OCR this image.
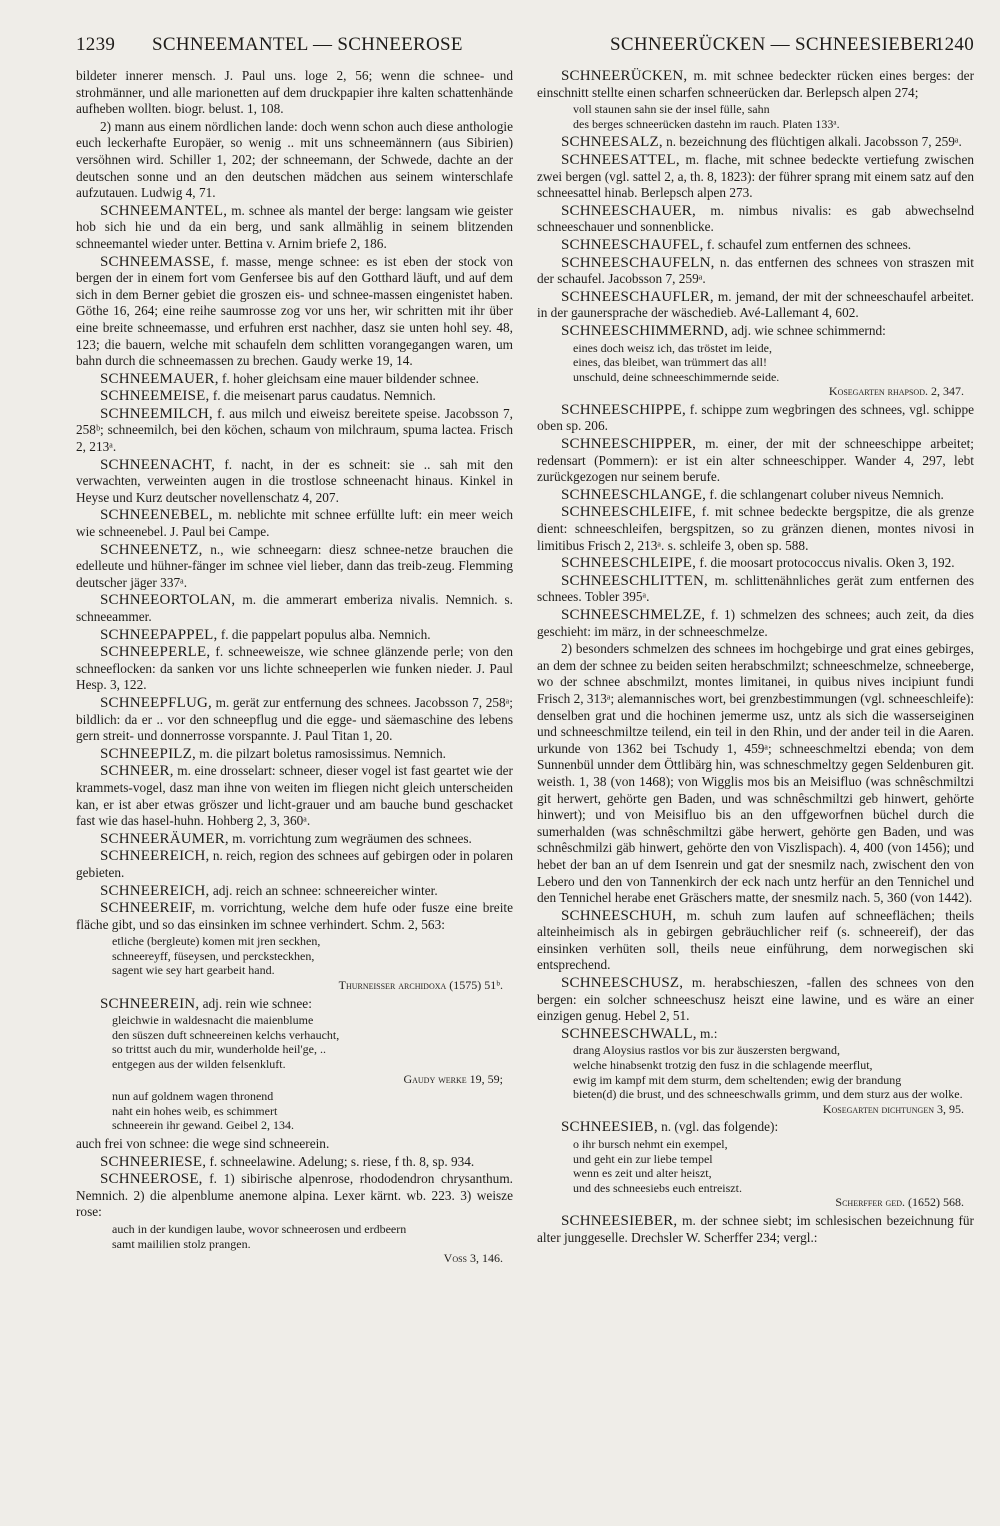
1239 SCHNEEMANTEL — SCHNEEROSE	SCHNEERÜCKEN — SCHNEESIEBER
1240
bildeter innerer mensch. J. Paul uns. loge 2, 56; wenn die schnee- und strohmänner, und alle marionetten auf dem druckpapier ihre kalten schattenhände aufheben wollten. biogr. belust. 1, 108.
2) mann aus einem nördlichen lande: doch wenn schon auch diese anthologie euch leckerhafte Europäer, so wenig .. mit uns schneemännern (aus Sibirien) versöhnen wird. Schiller 1, 202; der schneemann, der Schwede, dachte an der deutschen sonne und an den deutschen mädchen aus seinem winterschlafe aufzutauen. Ludwig 4, 71.
SCHNEEMANTEL, m. schnee als mantel der berge: langsam wie geister hob sich hie und da ein berg, und sank allmählig in seinem blitzenden schneemantel wieder unter. Bettina v. Arnim briefe 2, 186.
SCHNEEMASSE, f. masse, menge schnee: es ist eben der stock von bergen der in einem fort vom Genfersee bis auf den Gotthard läuft, und auf dem sich in dem Berner gebiet die groszen eis- und schnee-massen eingenistet haben. Göthe 16, 264; eine reihe saumrosse zog vor uns her, wir schritten mit ihr über eine breite schneemasse, und erfuhren erst nachher, dasz sie unten hohl sey. 48, 123; die bauern, welche mit schaufeln dem schlitten vorangegangen waren, um bahn durch die schneemassen zu brechen. Gaudy werke 19, 14.
SCHNEEMAUER, f. hoher gleichsam eine mauer bildender schnee.
SCHNEEMEISE, f. die meisenart parus caudatus. Nemnich.
SCHNEEMILCH, f. aus milch und eiweisz bereitete speise. Jacobsson 7, 258ᵇ; schneemilch, bei den köchen, schaum von milchraum, spuma lactea. Frisch 2, 213ᵃ.
SCHNEENACHT, f. nacht, in der es schneit: sie .. sah mit den verwachten, verweinten augen in die trostlose schneenacht hinaus. Kinkel in Heyse und Kurz deutscher novellenschatz 4, 207.
SCHNEENEBEL, m. neblichte mit schnee erfüllte luft: ein meer weich wie schneenebel. J. Paul bei Campe.
SCHNEENETZ, n., wie schneegarn: diesz schnee-netze brauchen die edelleute und hühner-fänger im schnee viel lieber, dann das treib-zeug. Flemming deutscher jäger 337ᵃ.
SCHNEEORTOLAN, m. die ammerart emberiza nivalis. Nemnich. s. schneeammer.
SCHNEEPAPPEL, f. die pappelart populus alba. Nemnich.
SCHNEEPERLE, f. schneeweisze, wie schnee glänzende perle; von den schneeflocken: da sanken vor uns lichte schneeperlen wie funken nieder. J. Paul Hesp. 3, 122.
SCHNEEPFLUG, m. gerät zur entfernung des schnees. Jacobsson 7, 258ᵃ; bildlich: da er .. vor den schneepflug und die egge- und säemaschine des lebens gern streit- und donnerrosse vorspannte. J. Paul Titan 1, 20.
SCHNEEPILZ, m. die pilzart boletus ramosissimus. Nemnich.
SCHNEER, m. eine drosselart: schneer, dieser vogel ist fast geartet wie der krammets-vogel, dasz man ihne von weiten im fliegen nicht gleich unterscheiden kan, er ist aber etwas gröszer und licht-grauer und am bauche bund geschacket fast wie das hasel-huhn. Hohberg 2, 3, 360ᵃ.
SCHNEERÄUMER, m. vorrichtung zum wegräumen des schnees.
SCHNEEREICH, n. reich, region des schnees auf gebirgen oder in polaren gebieten.
SCHNEEREICH, adj. reich an schnee: schneereicher winter.
SCHNEEREIF, m. vorrichtung, welche dem hufe oder fusze eine breite fläche gibt, und so das einsinken im schnee verhindert. Schm. 2, 563:
etliche (bergleute) komen mit jren seckhen,
schneereyff, füseysen, und percksteckhen,
sagent wie sey hart gearbeit hand.
Thurneisser archidoxa (1575) 51ᵇ.
SCHNEEREIN, adj. rein wie schnee:
gleichwie in waldesnacht die maienblume
den süszen duft schneereinen kelchs verhaucht,
so trittst auch du mir, wunderholde heil'ge, ..
entgegen aus der wilden felsenkluft.
Gaudy werke 19, 59;
nun auf goldnem wagen thronend
naht ein hohes weib, es schimmert
schneerein ihr gewand. Geibel 2, 134.
auch frei von schnee: die wege sind schneerein.
SCHNEERIESE, f. schneelawine. Adelung; s. riese, f th. 8, sp. 934.
SCHNEEROSE, f. 1) sibirische alpenrose, rhododendron chrysanthum. Nemnich. 2) die alpenblume anemone alpina. Lexer kärnt. wb. 223. 3) weisze rose:
auch in der kundigen laube, wovor schneerosen und erdbeern
samt maililien stolz prangen.
Voss 3, 146.
SCHNEERÜCKEN, m. mit schnee bedeckter rücken eines berges: der einschnitt stellte einen scharfen schneerücken dar. Berlepsch alpen 274;
voll staunen sahn sie der insel fülle, sahn
des berges schneerücken dastehn im rauch. Platen 133ᵃ.
SCHNEESALZ, n. bezeichnung des flüchtigen alkali. Jacobsson 7, 259ᵃ.
SCHNEESATTEL, m. flache, mit schnee bedeckte vertiefung zwischen zwei bergen (vgl. sattel 2, a, th. 8, 1823): der führer sprang mit einem satz auf den schneesattel hinab. Berlepsch alpen 273.
SCHNEESCHAUER, m. nimbus nivalis: es gab abwechselnd schneeschauer und sonnenblicke.
SCHNEESCHAUFEL, f. schaufel zum entfernen des schnees.
SCHNEESCHAUFELN, n. das entfernen des schnees von straszen mit der schaufel. Jacobsson 7, 259ᵃ.
SCHNEESCHAUFLER, m. jemand, der mit der schneeschaufel arbeitet. in der gaunersprache der wäschedieb. Avé-Lallemant 4, 602.
SCHNEESCHIMMERND, adj. wie schnee schimmernd:
eines doch weisz ich, das tröstet im leide,
eines, das bleibet, wan trümmert das all!
unschuld, deine schneeschimmernde seide.
Kosegarten rhapsod. 2, 347.
SCHNEESCHIPPE, f. schippe zum wegbringen des schnees, vgl. schippe oben sp. 206.
SCHNEESCHIPPER, m. einer, der mit der schneeschippe arbeitet; redensart (Pommern): er ist ein alter schneeschipper. Wander 4, 297, lebt zurückgezogen nur seinem berufe.
SCHNEESCHLANGE, f. die schlangenart coluber niveus Nemnich.
SCHNEESCHLEIFE, f. mit schnee bedeckte bergspitze, die als grenze dient: schneeschleifen, bergspitzen, so zu gränzen dienen, montes nivosi in limitibus Frisch 2, 213ᵃ. s. schleife 3, oben sp. 588.
SCHNEESCHLEIPE, f. die moosart protococcus nivalis. Oken 3, 192.
SCHNEESCHLITTEN, m. schlittenähnliches gerät zum entfernen des schnees. Tobler 395ᵃ.
SCHNEESCHMELZE, f. 1) schmelzen des schnees; auch zeit, da dies geschieht: im märz, in der schneeschmelze.
2) besonders schmelzen des schnees im hochgebirge und grat eines gebirges, an dem der schnee zu beiden seiten herabschmilzt; schneeschmelze, schneeberge, wo der schnee abschmilzt, montes limitanei, in quibus nives incipiunt fundi Frisch 2, 313ᵃ; alemannisches wort, bei grenzbestimmungen (vgl. schneeschleife): denselben grat und die hochinen jemerme usz, untz als sich die wasserseiginen und schneeschmiltze teilend, ein teil in den Rhin, und der ander teil in die Aaren. urkunde von 1362 bei Tschudy 1, 459ᵃ; schneeschmeltzi ebenda; von dem Sunnenbül unnder dem Öttlibärg hin, was schneschmeltzy gegen Seldenburen git. weisth. 1, 38 (von 1468); von Wigglis mos bis an Meisifluo (was schnêschmiltzi git herwert, gehörte gen Baden, und was schnêschmiltzi geb hinwert, gehörte hinwert); und von Meisifluo bis an den uffgeworfnen büchel durch die sumerhalden (was schnêschmiltzi gäbe herwert, gehörte gen Baden, und was schnêschmilzi gäb hinwert, gehörte den von Viszlispach). 4, 400 (von 1456); und hebet der ban an uf dem Isenrein und gat der snesmilz nach, zwischent den von Lebero und den von Tannenkirch der eck nach untz herfür an den Tennichel und den Tennichel herabe enet Gräschers matte, der snesmilz nach. 5, 360 (von 1442).
SCHNEESCHUH, m. schuh zum laufen auf schneeflächen; theils alteinheimisch als in gebirgen gebräuchlicher reif (s. schneereif), der das einsinken verhüten soll, theils neue einführung, dem norwegischen ski entsprechend.
SCHNEESCHUSZ, m. herabschieszen, -fallen des schnees von den bergen: ein solcher schneeschusz heiszt eine lawine, und es wäre an einer einzigen genug. Hebel 2, 51.
SCHNEESCHWALL, m.:
drang Aloysius rastlos vor bis zur äuszersten bergwand,
welche hinabsenkt trotzig den fusz in die schlagende meerflut,
ewig im kampf mit dem sturm, dem scheltenden; ewig der brandung
bieten(d) die brust, und des schneeschwalls grimm, und dem sturz aus der wolke.
Kosegarten dichtungen 3, 95.
SCHNEESIEB, n. (vgl. das folgende):
o ihr bursch nehmt ein exempel,
und geht ein zur liebe tempel
wenn es zeit und alter heiszt,
und des schneesiebs euch entreiszt.
Scherffer ged. (1652) 568.
SCHNEESIEBER, m. der schnee siebt; im schlesischen bezeichnung für alter junggeselle. Drechsler W. Scherffer 234; vergl.:
